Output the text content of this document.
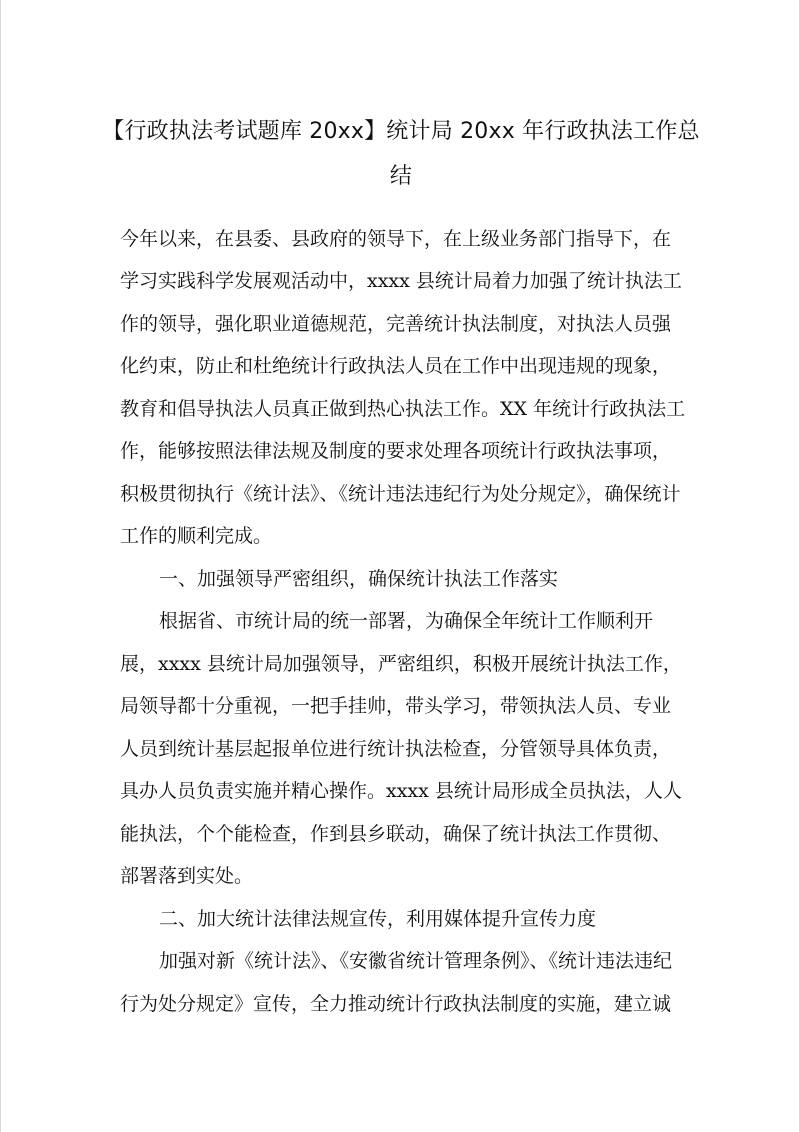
【行政执法考试题库 20xx】统计局 20xx 年行政执法工作总
结
今年以来，在县委、县政府的领导下，在上级业务部门指导下，在
学习实践科学发展观活动中，xxxx 县统计局着力加强了统计执法工
作的领导，强化职业道德规范，完善统计执法制度，对执法人员强
化约束，防止和杜绝统计行政执法人员在工作中出现违规的现象，
教育和倡导执法人员真正做到热心执法工作。XX 年统计行政执法工
作，能够按照法律法规及制度的要求处理各项统计行政执法事项，
积极贯彻执行《统计法》、《统计违法违纪行为处分规定》，确保统计
工作的顺利完成。
一、加强领导严密组织，确保统计执法工作落实
根据省、市统计局的统一部署，为确保全年统计工作顺利开
展，xxxx 县统计局加强领导，严密组织，积极开展统计执法工作，
局领导都十分重视，一把手挂帅，带头学习，带领执法人员、专业
人员到统计基层起报单位进行统计执法检查，分管领导具体负责，
具办人员负责实施并精心操作。xxxx 县统计局形成全员执法，人人
能执法，个个能检查，作到县乡联动，确保了统计执法工作贯彻、
部署落到实处。
二、加大统计法律法规宣传，利用媒体提升宣传力度
加强对新《统计法》、《安徽省统计管理条例》、《统计违法违纪
行为处分规定》宣传，全力推动统计行政执法制度的实施，建立诚
